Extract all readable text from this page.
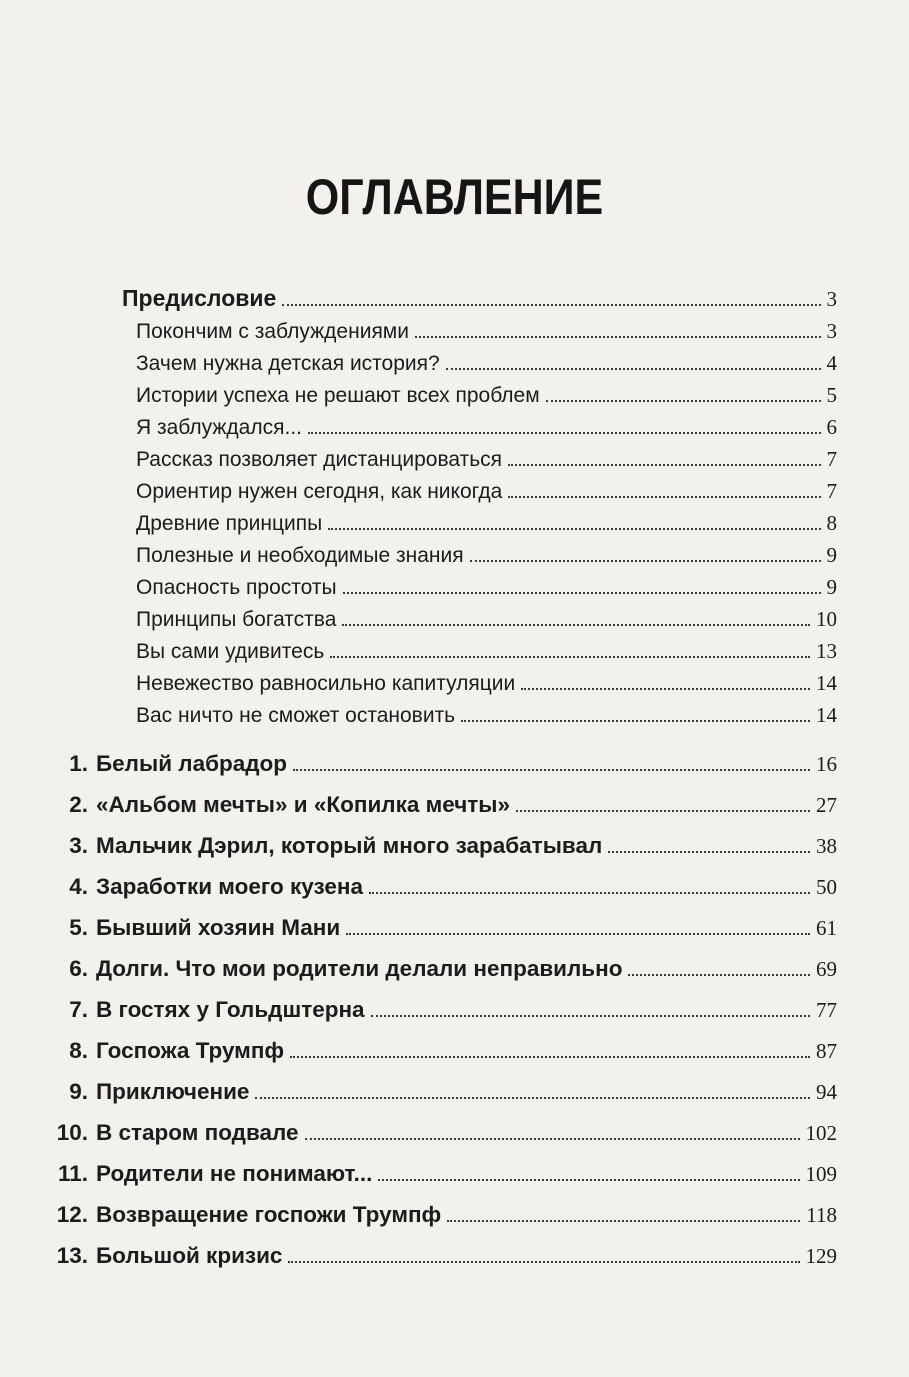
ОГЛАВЛЕНИЕ
Предисловие	3
Покончим с заблуждениями	3
Зачем нужна детская история?	4
Истории успеха не решают всех проблем	5
Я заблуждался...	6
Рассказ позволяет дистанцироваться	7
Ориентир нужен сегодня, как никогда	7
Древние принципы	8
Полезные и необходимые знания	9
Опасность простоты	9
Принципы богатства	10
Вы сами удивитесь	13
Невежество равносильно капитуляции	14
Вас ничто не сможет остановить	14
1. Белый лабрадор	16
2. «Альбом мечты» и «Копилка мечты»	27
3. Мальчик Дэрил, который много зарабатывал	38
4. Заработки моего кузена	50
5. Бывший хозяин Мани	61
6. Долги. Что мои родители делали неправильно	69
7. В гостях у Гольдштерна	77
8. Госпожа Трумпф	87
9. Приключение	94
10. В старом подвале	102
11. Родители не понимают...	109
12. Возвращение госпожи Трумпф	118
13. Большой кризис	129
